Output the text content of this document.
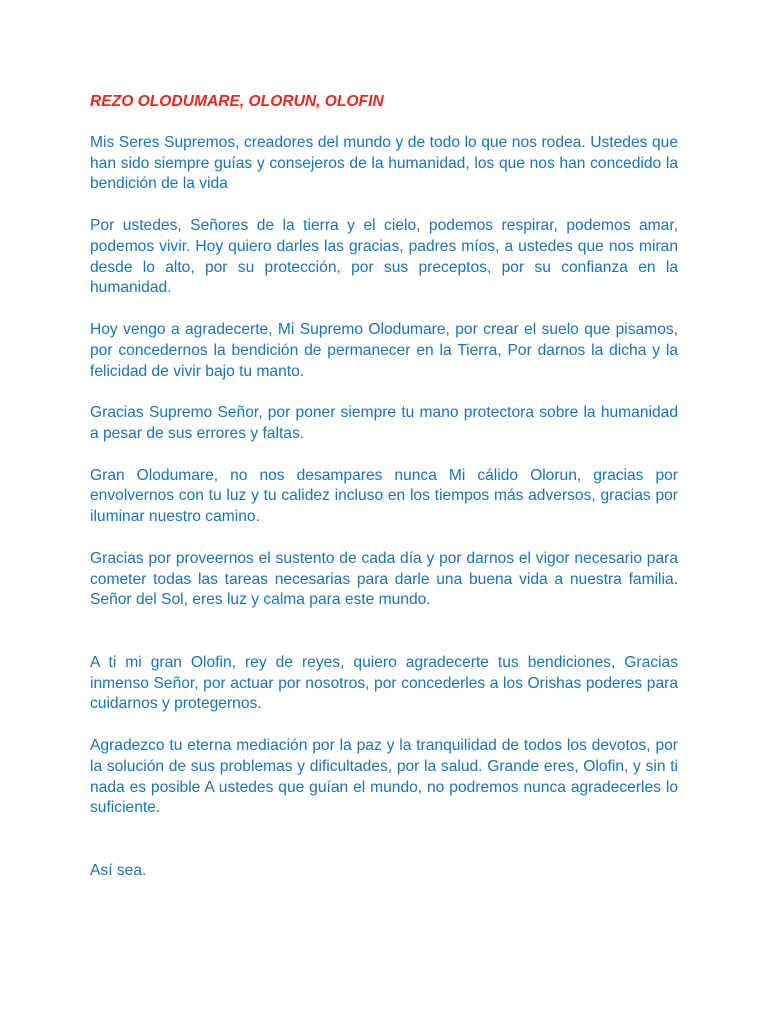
REZO OLODUMARE, OLORUN, OLOFIN

Mis Seres Supremos, creadores del mundo y de todo lo que nos rodea. Ustedes que han sido siempre guías y consejeros de la humanidad, los que nos han concedido la bendición de la vida

Por ustedes, Señores de la tierra y el cielo, podemos respirar, podemos amar, podemos vivir. Hoy quiero darles las gracias, padres míos, a ustedes que nos miran desde lo alto, por su protección, por sus preceptos, por su confianza en la humanidad.

Hoy vengo a agradecerte, Mi Supremo Olodumare, por crear el suelo que pisamos, por concedernos la bendición de permanecer en la Tierra, Por darnos la dicha y la felicidad de vivir bajo tu manto.

Gracias Supremo Señor, por poner siempre tu mano protectora sobre la humanidad a pesar de sus errores y faltas.

Gran Olodumare, no nos desampares nunca Mi cálido Olorun, gracias por envolvernos con tu luz y tu calidez incluso en los tiempos más adversos, gracias por iluminar nuestro camino.

Gracias por proveernos el sustento de cada día y por darnos el vigor necesario para cometer todas las tareas necesarias para darle una buena vida a nuestra familia. Señor del Sol, eres luz y calma para este mundo.

A ti mi gran Olofin, rey de reyes, quiero agradecerte tus bendiciones, Gracias inmenso Señor, por actuar por nosotros, por concederles a los Orishas poderes para cuidarnos y protegernos.

Agradezco tu eterna mediación por la paz y la tranquilidad de todos los devotos, por la solución de sus problemas y dificultades, por la salud. Grande eres, Olofin, y sin ti nada es posible A ustedes que guían el mundo, no podremos nunca agradecerles lo suficiente.

Así sea.
